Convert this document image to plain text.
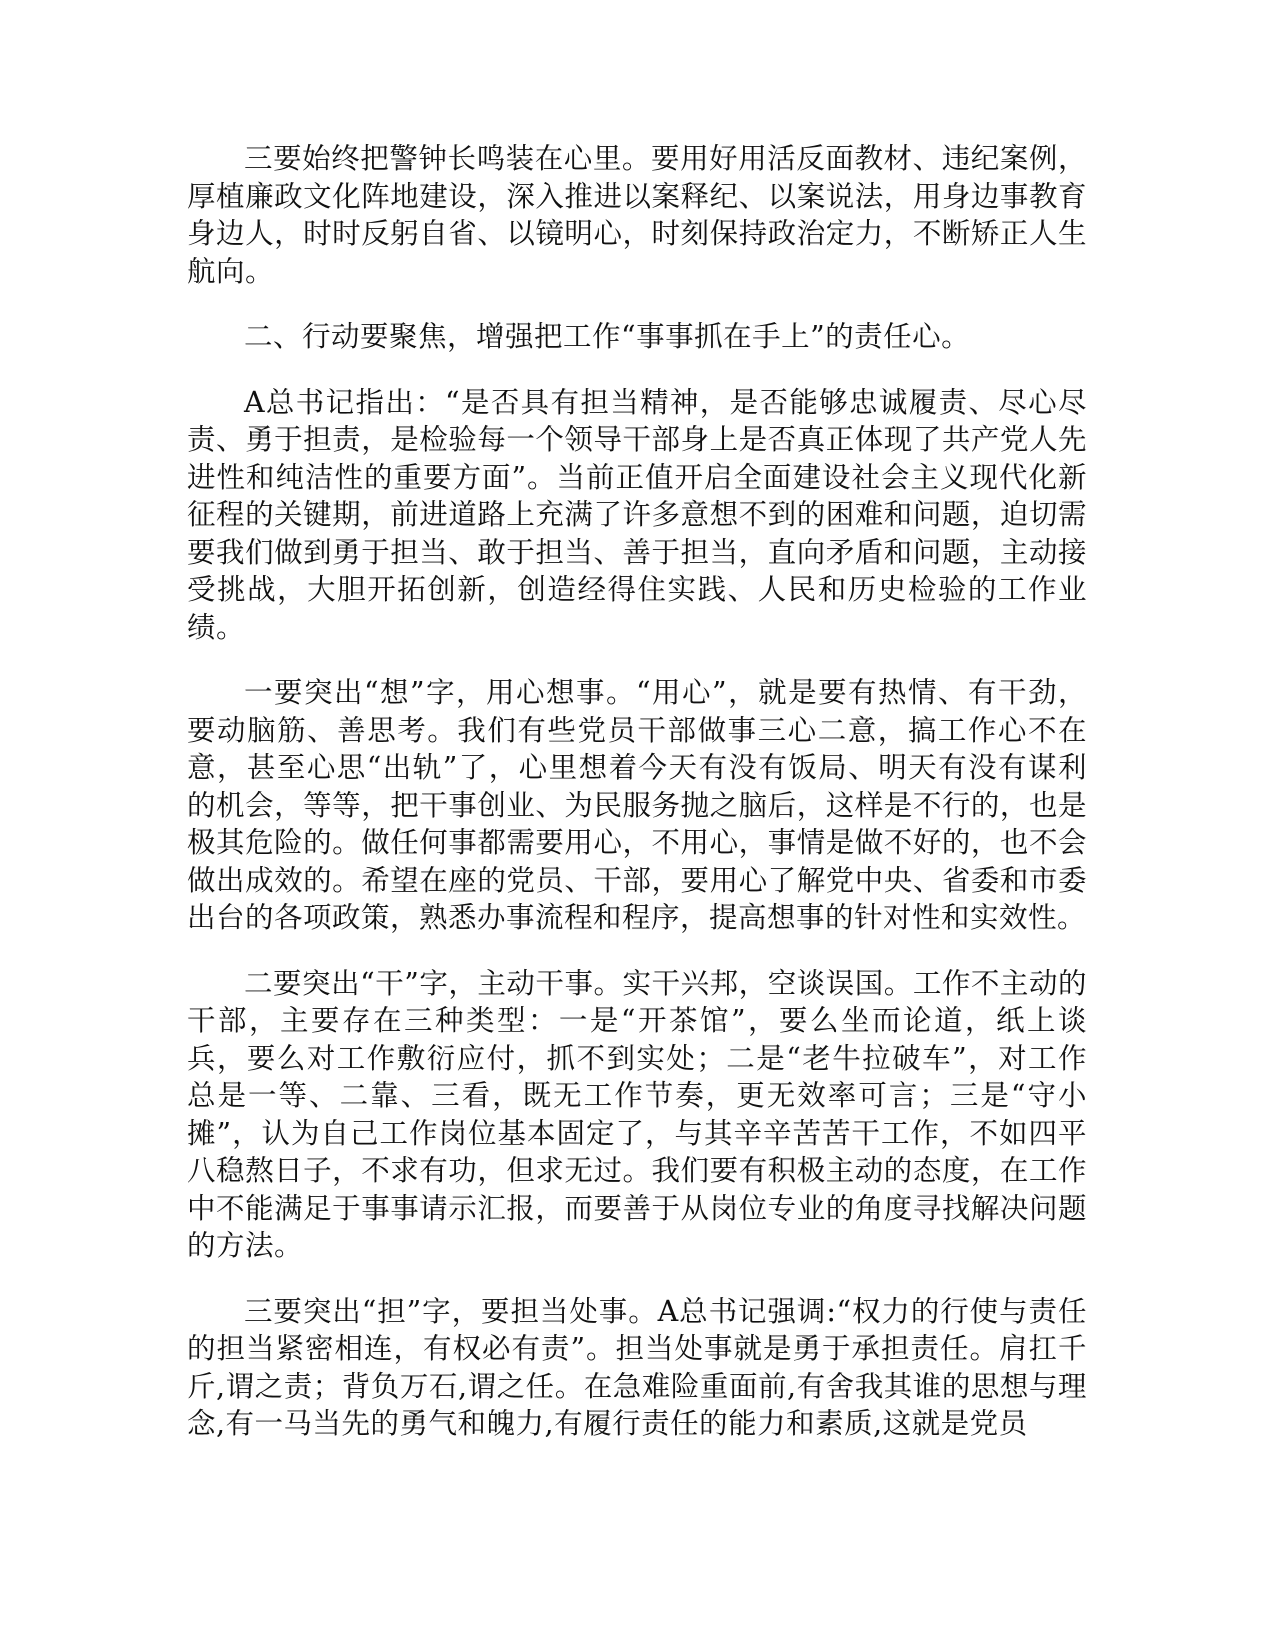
三要始终把警钟长鸣装在心里。要用好用活反面教材、违纪案例，厚植廉政文化阵地建设，深入推进以案释纪、以案说法，用身边事教育身边人，时时反躬自省、以镜明心，时刻保持政治定力，不断矫正人生航向。

二、行动要聚焦，增强把工作“事事抓在手上”的责任心。

A总书记指出：“是否具有担当精神，是否能够忠诚履责、尽心尽责、勇于担责，是检验每一个领导干部身上是否真正体现了共产党人先进性和纯洁性的重要方面”。当前正值开启全面建设社会主义现代化新征程的关键期，前进道路上充满了许多意想不到的困难和问题，迫切需要我们做到勇于担当、敢于担当、善于担当，直向矛盾和问题，主动接受挑战，大胆开拓创新，创造经得住实践、人民和历史检验的工作业绩。

一要突出“想”字，用心想事。“用心”，就是要有热情、有干劲，要动脑筋、善思考。我们有些党员干部做事三心二意，搞工作心不在意，甚至心思“出轨”了，心里想着今天有没有饭局、明天有没有谋利的机会，等等，把干事创业、为民服务抛之脑后，这样是不行的，也是极其危险的。做任何事都需要用心，不用心，事情是做不好的，也不会做出成效的。希望在座的党员、干部，要用心了解党中央、省委和市委出台的各项政策，熟悉办事流程和程序，提高想事的针对性和实效性。

二要突出“干”字，主动干事。实干兴邦，空谈误国。工作不主动的干部，主要存在三种类型：一是“开茶馆”，要么坐而论道，纸上谈兵，要么对工作敷衍应付，抓不到实处；二是“老牛拉破车”，对工作总是一等、二靠、三看，既无工作节奏，更无效率可言；三是“守小摊”，认为自己工作岗位基本固定了，与其辛辛苦苦干工作，不如四平八稳熬日子，不求有功，但求无过。我们要有积极主动的态度，在工作中不能满足于事事请示汇报，而要善于从岗位专业的角度寻找解决问题的方法。

三要突出“担”字，要担当处事。A总书记强调:“权力的行使与责任的担当紧密相连，有权必有责”。担当处事就是勇于承担责任。肩扛千斤,谓之责；背负万石,谓之任。在急难险重面前,有舍我其谁的思想与理念,有一马当先的勇气和魄力,有履行责任的能力和素质,这就是党员
